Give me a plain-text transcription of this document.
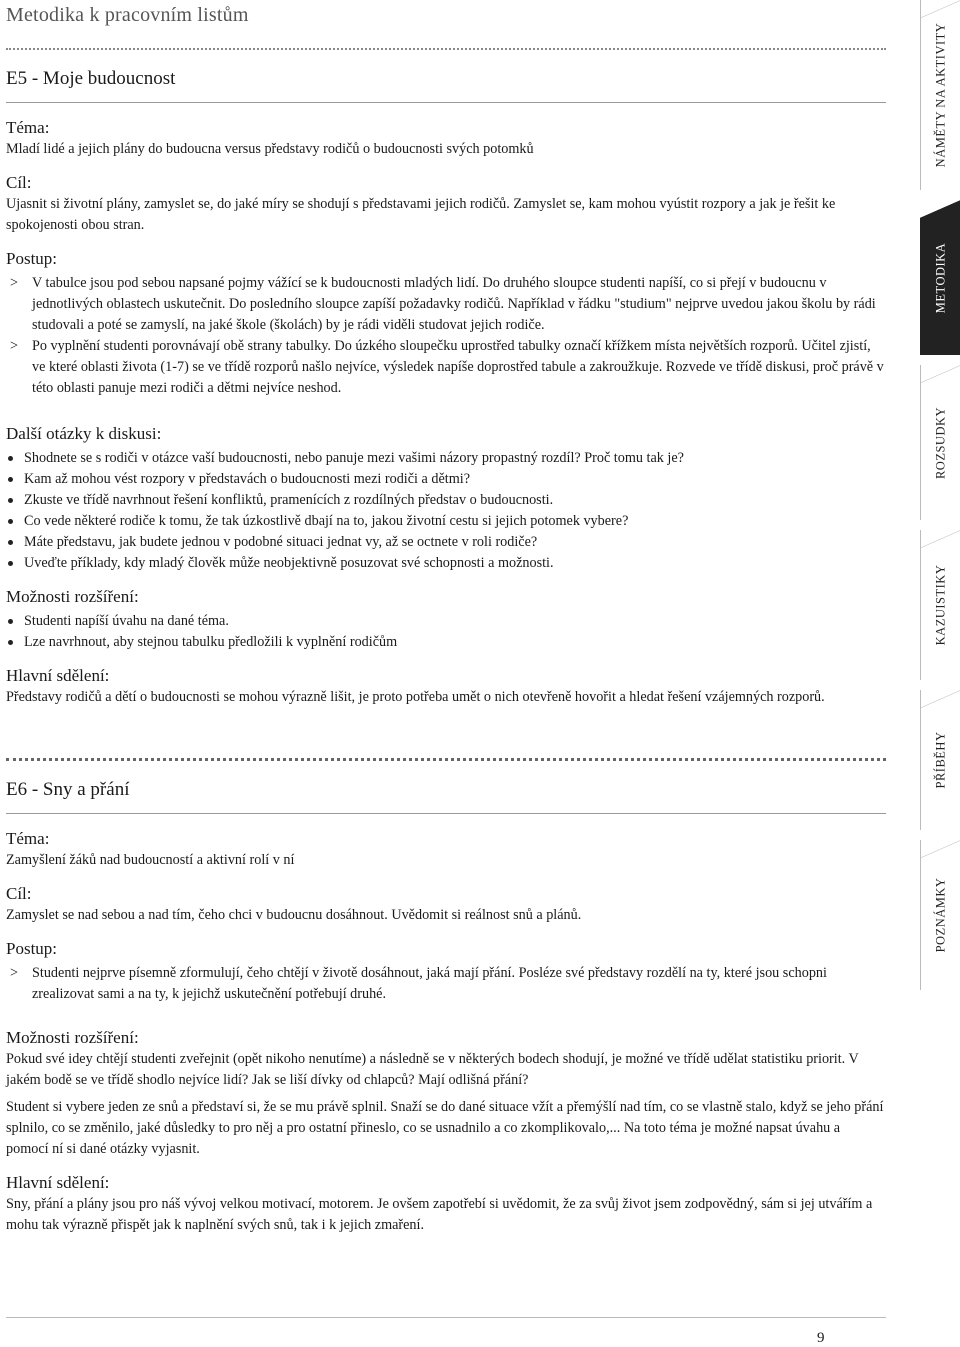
Metodika k pracovním listům
E5 - Moje budoucnost
Téma:

Mladí lidé a jejich plány do budoucna versus představy rodičů o budoucnosti svých potomků

Cíl:

Ujasnit si životní plány, zamyslet se, do jaké míry se shodují s představami jejich rodičů. Zamyslet se, kam mohou vyústit rozpory a jak je řešit ke spokojenosti obou stran.

Postup:
> V tabulce jsou pod sebou napsané pojmy vážící se k budoucnosti mladých lidí. Do druhého sloupce studenti napíší, co si přejí v budoucnu v jednotlivých oblastech uskutečnit. Do posledního sloupce zapíší požadavky rodičů. Například v řádku "studium" nejprve uvedou jakou školu by rádi studovali a poté se zamyslí, na jaké škole (školách) by je rádi viděli studovat jejich rodiče.
> Po vyplnění studenti porovnávají obě strany tabulky. Do úzkého sloupečku uprostřed tabulky označí křížkem místa největších rozporů. Učitel zjistí, ve které oblasti života (1-7) se ve třídě rozporů našlo nejvíce, výsledek napíše doprostřed tabule a zakroužkuje. Rozvede ve třídě diskusi, proč právě v této oblasti panuje mezi rodiči a dětmi nejvíce neshod.
Další otázky k diskusi:
Shodnete se s rodiči v otázce vaší budoucnosti, nebo panuje mezi vašimi názory propastný rozdíl? Proč tomu tak je?
Kam až mohou vést rozpory v představách o budoucnosti mezi rodiči a dětmi?
Zkuste ve třídě navrhnout řešení konfliktů, pramenících z rozdílných představ o budoucnosti.
Co vede některé rodiče k tomu, že tak úzkostlivě dbají na to, jakou životní cestu si jejich potomek vybere?
Máte představu, jak budete jednou v podobné situaci jednat vy, až se octnete v roli rodiče?
Uveďte příklady, kdy mladý člověk může neobjektivně posuzovat své schopnosti a možnosti.
Možnosti rozšíření:
Studenti napíší úvahu na dané téma.
Lze navrhnout, aby stejnou tabulku předložili k vyplnění rodičům
Hlavní sdělení:

Představy rodičů a dětí o budoucnosti se mohou výrazně lišit, je proto potřeba umět o nich otevřeně hovořit a hledat řešení vzájemných rozporů.

E6 - Sny a přání
Téma:

Zamyšlení žáků nad budoucností a aktivní rolí v ní

Cíl:

Zamyslet se nad sebou a nad tím, čeho chci v budoucnu dosáhnout. Uvědomit si reálnost snů a plánů.

Postup:
> Studenti nejprve písemně zformulují, čeho chtějí v životě dosáhnout, jaká mají přání. Posléze své představy rozdělí na ty, které jsou schopni zrealizovat sami a na ty, k jejichž uskutečnění potřebují druhé.
Možnosti rozšíření:

Pokud své idey chtějí studenti zveřejnit (opět nikoho nenutíme) a následně se v některých bodech shodují, je možné ve třídě udělat statistiku priorit. V jakém bodě se ve třídě shodlo nejvíce lidí? Jak se liší dívky od chlapců? Mají odlišná přání?

Student si vybere jeden ze snů a představí si, že se mu právě splnil. Snaží se do dané situace vžít a přemýšlí nad tím, co se vlastně stalo, když se jeho přání splnilo, co se změnilo, jaké důsledky to pro něj a pro ostatní přineslo, co se usnadnilo a co zkomplikovalo,... Na toto téma je možné napsat úvahu a pomocí ní si dané otázky vyjasnit.

Hlavní sdělení:

Sny, přání a plány jsou pro náš vývoj velkou motivací, motorem. Je ovšem zapotřebí si uvědomit, že za svůj život jsem zodpovědný, sám si jej utvářím a mohu tak výrazně přispět jak k naplnění svých snů, tak i k jejich zmaření.

9
NÁMĚTY NA AKTIVITY
METODIKA
ROZSUDKY
KAZUISTIKY
PŘÍBĚHY
POZNÁMKY
